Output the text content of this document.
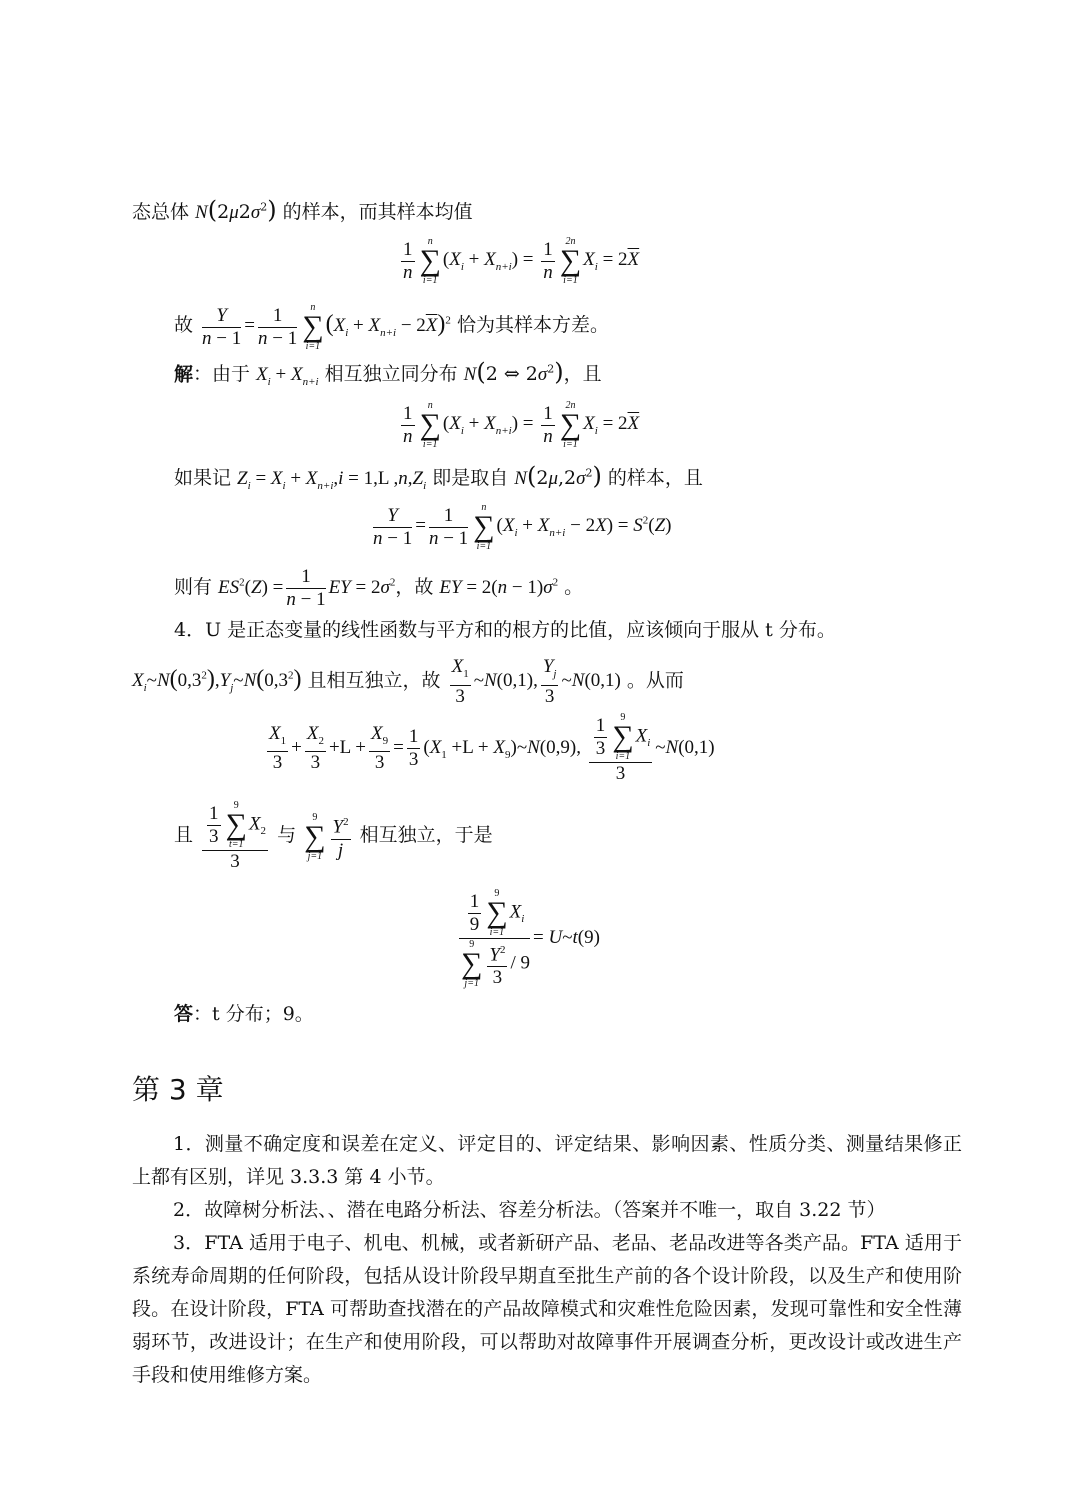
态总体 $N(2\mu 2\sigma^2)$ 的样本，而其样本均值
$\frac{1}{n}$	n
∑
i=1
$(X_i + X_{n+i}) = \frac{1}{n}$	2n
∑
i=1
$X_i = 2\overline{X}$
故 $\frac{Y}{n - 1} = \frac{1}{n - 1}$	n
∑
i=1
$(X_i + X_{n+i} - 2\overline{X})^2$ 恰为其样本方差。
解：由于 $X_i + X_{n+i}$ 相互独立同分布 N(2 ⇔ $2\sigma^2$)，且
$\frac{1}{n}$	n
∑
i=1
$(X_i + X_{n+i}) = \frac{1}{n}$	2n
∑
i=1
$X_i = 2\overline{X}$
如果记 $Z_i = X_i + X_{n+i},i = 1,L$ $,n,Z_i$ 即是取自 $N(2\mu,2\sigma^2)$ 的样本，且
$\frac{Y}{n - 1} = \frac{1}{n - 1}$	n
∑
i=1
$(X_i + X_{n+i} - 2X) = S^2(Z)$
则有 $ES^2(Z) = \frac{1}{n - 1}$ EY = $2\sigma^2$，故 EY = $2(n - 1)\sigma^2$ 。
4．U 是正态变量的线性函数与平方和的根方的比值，应该倾向于服从 t 分布。
$X_i\sim N(0,3^2),Y_j\sim N(0,3^2)$ 且相互独立，故 $\frac{X_1}{3}$ ~N(0,1), $\frac{Y_j}{3}$ ~N(0,1) 。从而
$\frac{X_1}{3} + \frac{X_2}{3} +L + \frac{X_9}{3} = \frac{1}{3} (X_1 +L$ + $X_9)\sim N(0,9)$, $\frac{1}{3}$	9
∑
i=1
$X_i$
3 ~N(0,1)
且 $\frac{1}{3}$	9
∑
t=1
$X_2$
3 与
9
∑
$j=1 \frac{Y^2}{j}$ 相互独立，于是
$\frac{1}{9}$	9
∑
i=1
$X_i$
9
∑
$j=1 \frac{Y^2}{3} / 9$ = U~t(9)
答：t 分布；9。
第 3 章
1．测量不确定度和误差在定义、评定目的、评定结果、影响因素、性质分类、测量结果修正上都有区别，详见 3.3.3 第 4 小节。
2．故障树分析法、、潜在电路分析法、容差分析法。（答案并不唯一，取自 3.22 节）
3．FTA 适用于电子、机电、机械，或者新研产品、老品、老品改进等各类产品。FTA 适用于系统寿命周期的任何阶段，包括从设计阶段早期直至批生产前的各个设计阶段，以及生产和使用阶段。在设计阶段，FTA 可帮助查找潜在的产品故障模式和灾难性危险因素，发现可靠性和安全性薄弱环节，改进设计；在生产和使用阶段，可以帮助对故障事件开展调查分析，更改设计或改进生产手段和使用维修方案。
